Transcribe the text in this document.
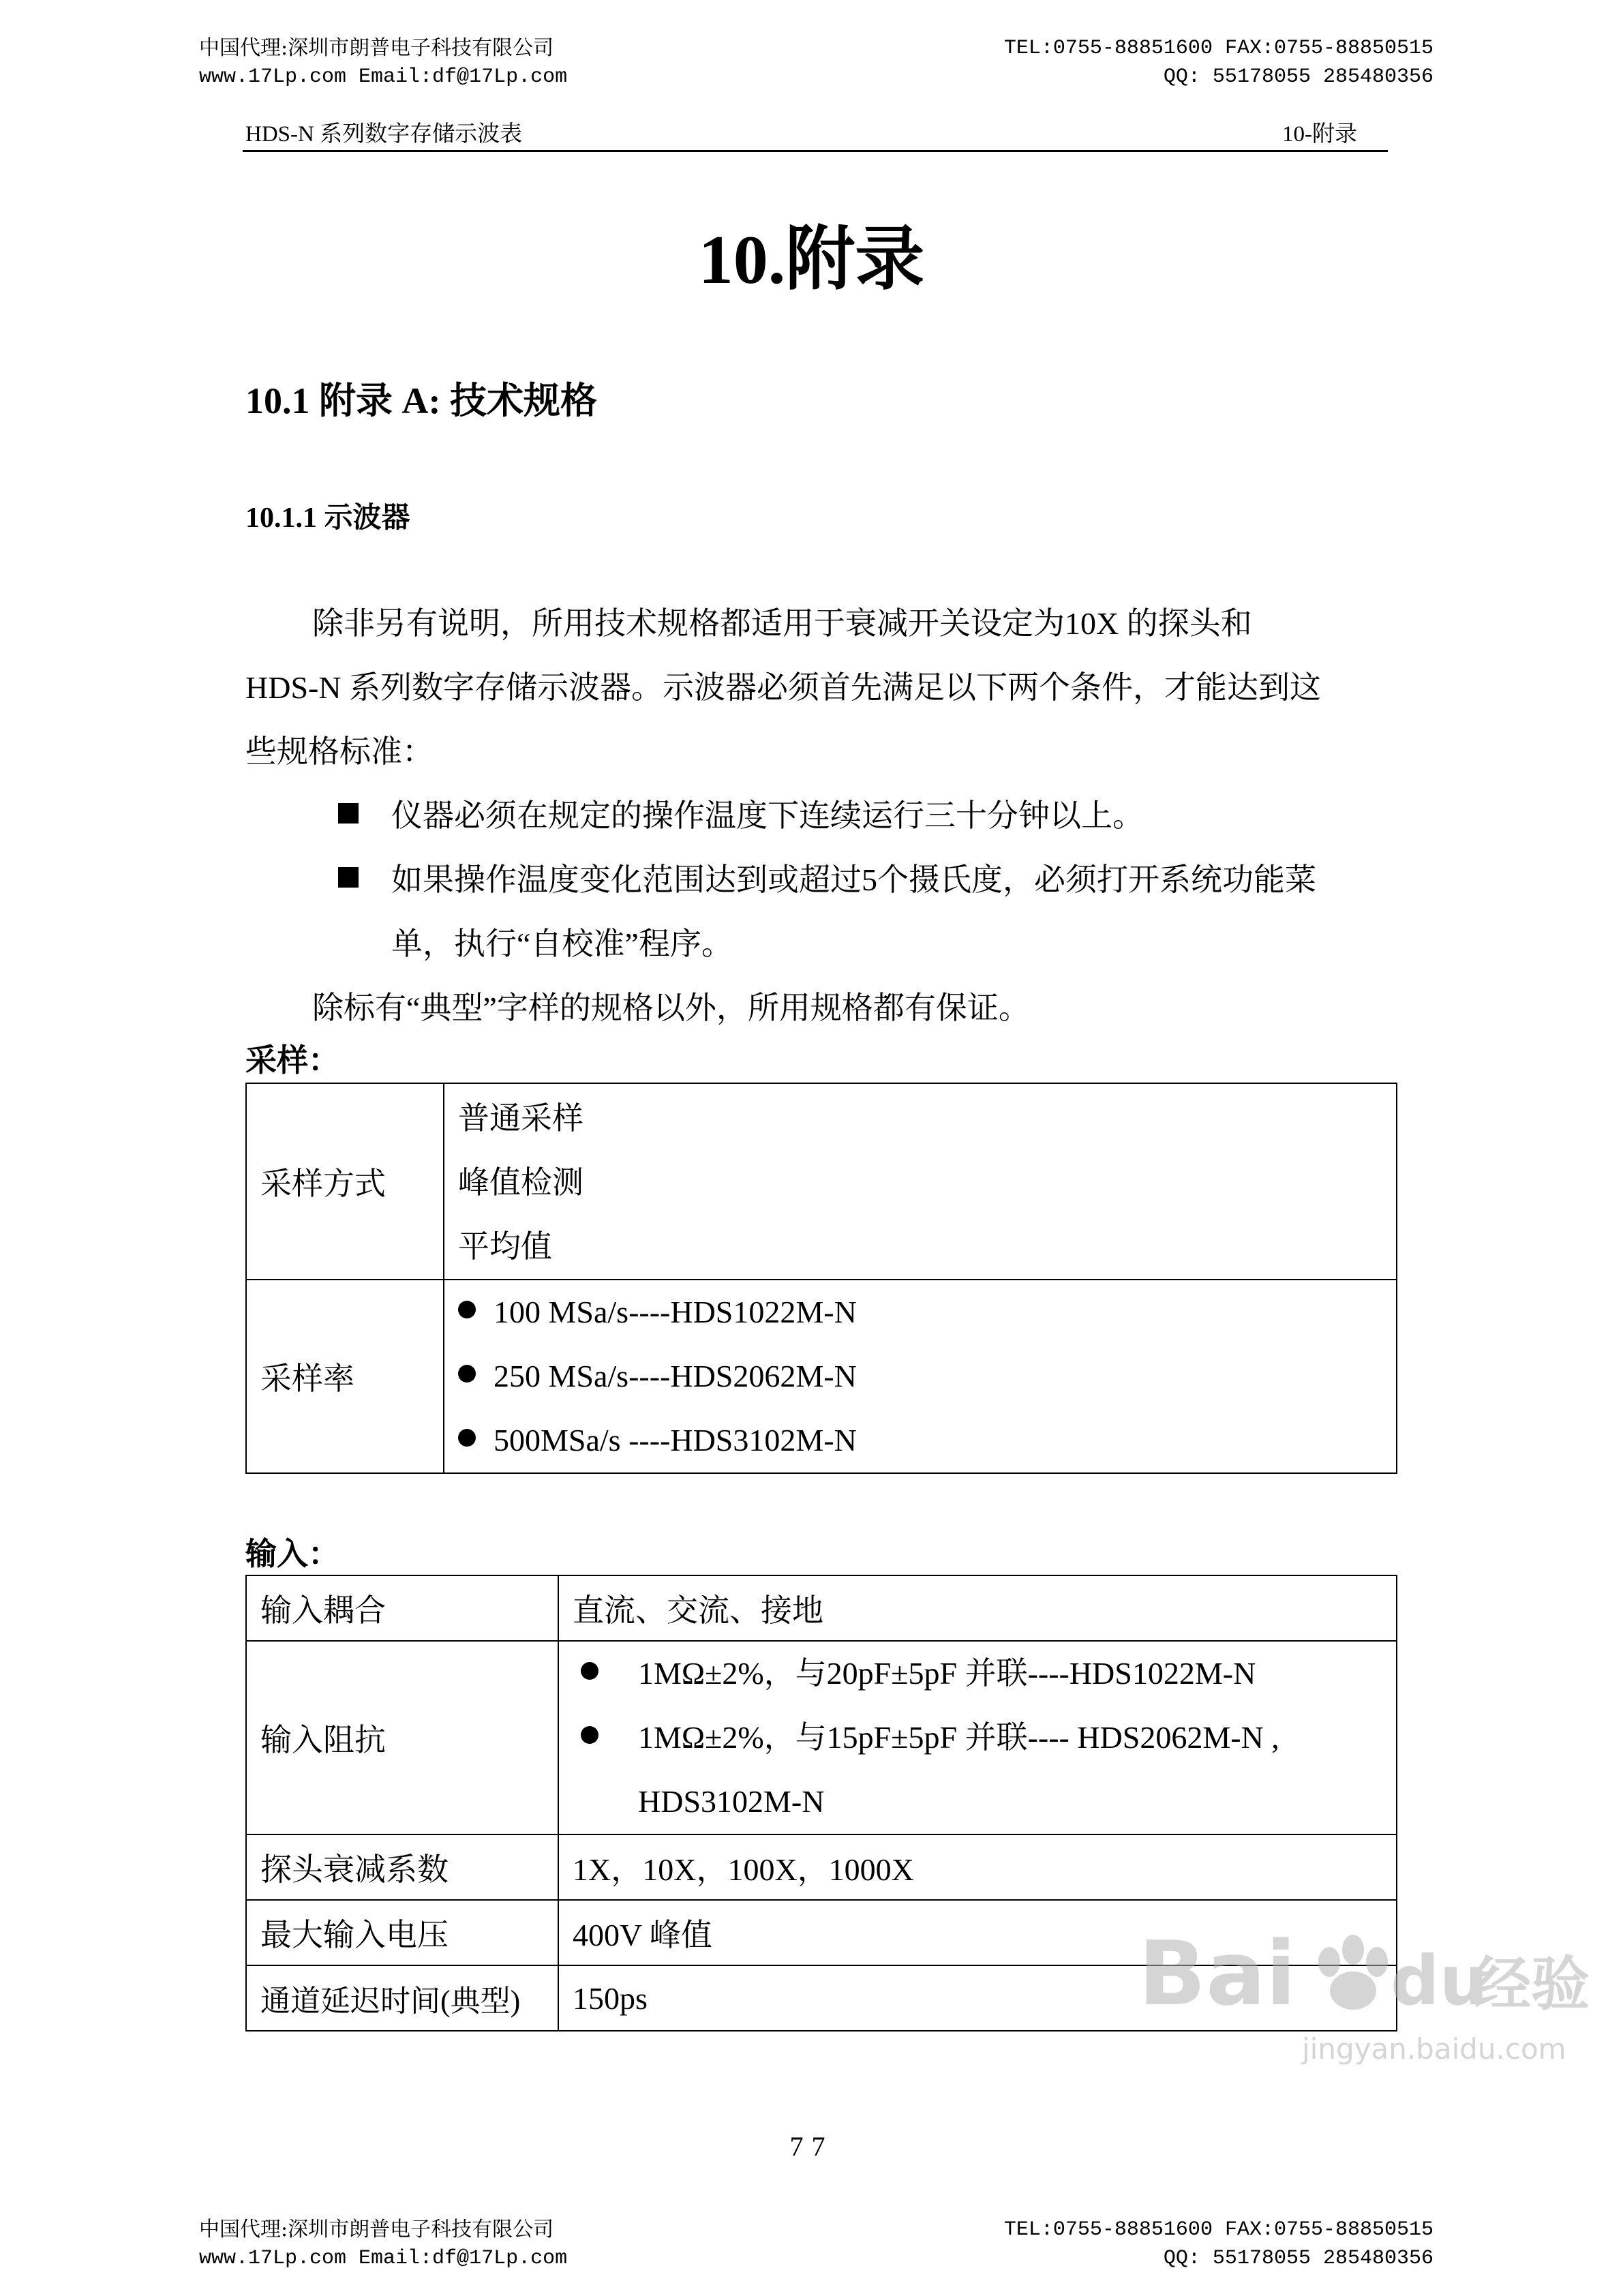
中国代理:深圳市朗普电子科技有限公司
www.17Lp.com Email:df@17Lp.com
TEL:0755-88851600 FAX:0755-88850515
QQ: 55178055 285480356
HDS-N 系列数字存储示波表	10-附录
10.附录
10.1 附录 A: 技术规格
10.1.1 示波器
除非另有说明，所用技术规格都适用于衰减开关设定为10X 的探头和
HDS-N 系列数字存储示波器。示波器必须首先满足以下两个条件，才能达到这
些规格标准：
仪器必须在规定的操作温度下连续运行三十分钟以上。
如果操作温度变化范围达到或超过5个摄氏度，必须打开系统功能菜
单，执行“自校准”程序。
除标有“典型”字样的规格以外，所用规格都有保证。
采样：
采样方式	普通采样
峰值检测
平均值

采样率	100 MSa/s----HDS1022M-N
250 MSa/s----HDS2062M-N
500MSa/s ----HDS3102M-N
输入：
输入耦合	直流、交流、接地
输入阻抗	1MΩ±2%，与20pF±5pF 并联----HDS1022M-N
1MΩ±2%，与15pF±5pF 并联---- HDS2062M-N ,
HDS3102M-N

探头衰减系数	1X，10X，100X，1000X
最大输入电压	400V 峰值
通道延迟时间(典型)	150ps
77
Bai du
经验
jingyan.baidu.com
中国代理:深圳市朗普电子科技有限公司
www.17Lp.com Email:df@17Lp.com
TEL:0755-88851600 FAX:0755-88850515
QQ: 55178055 285480356
